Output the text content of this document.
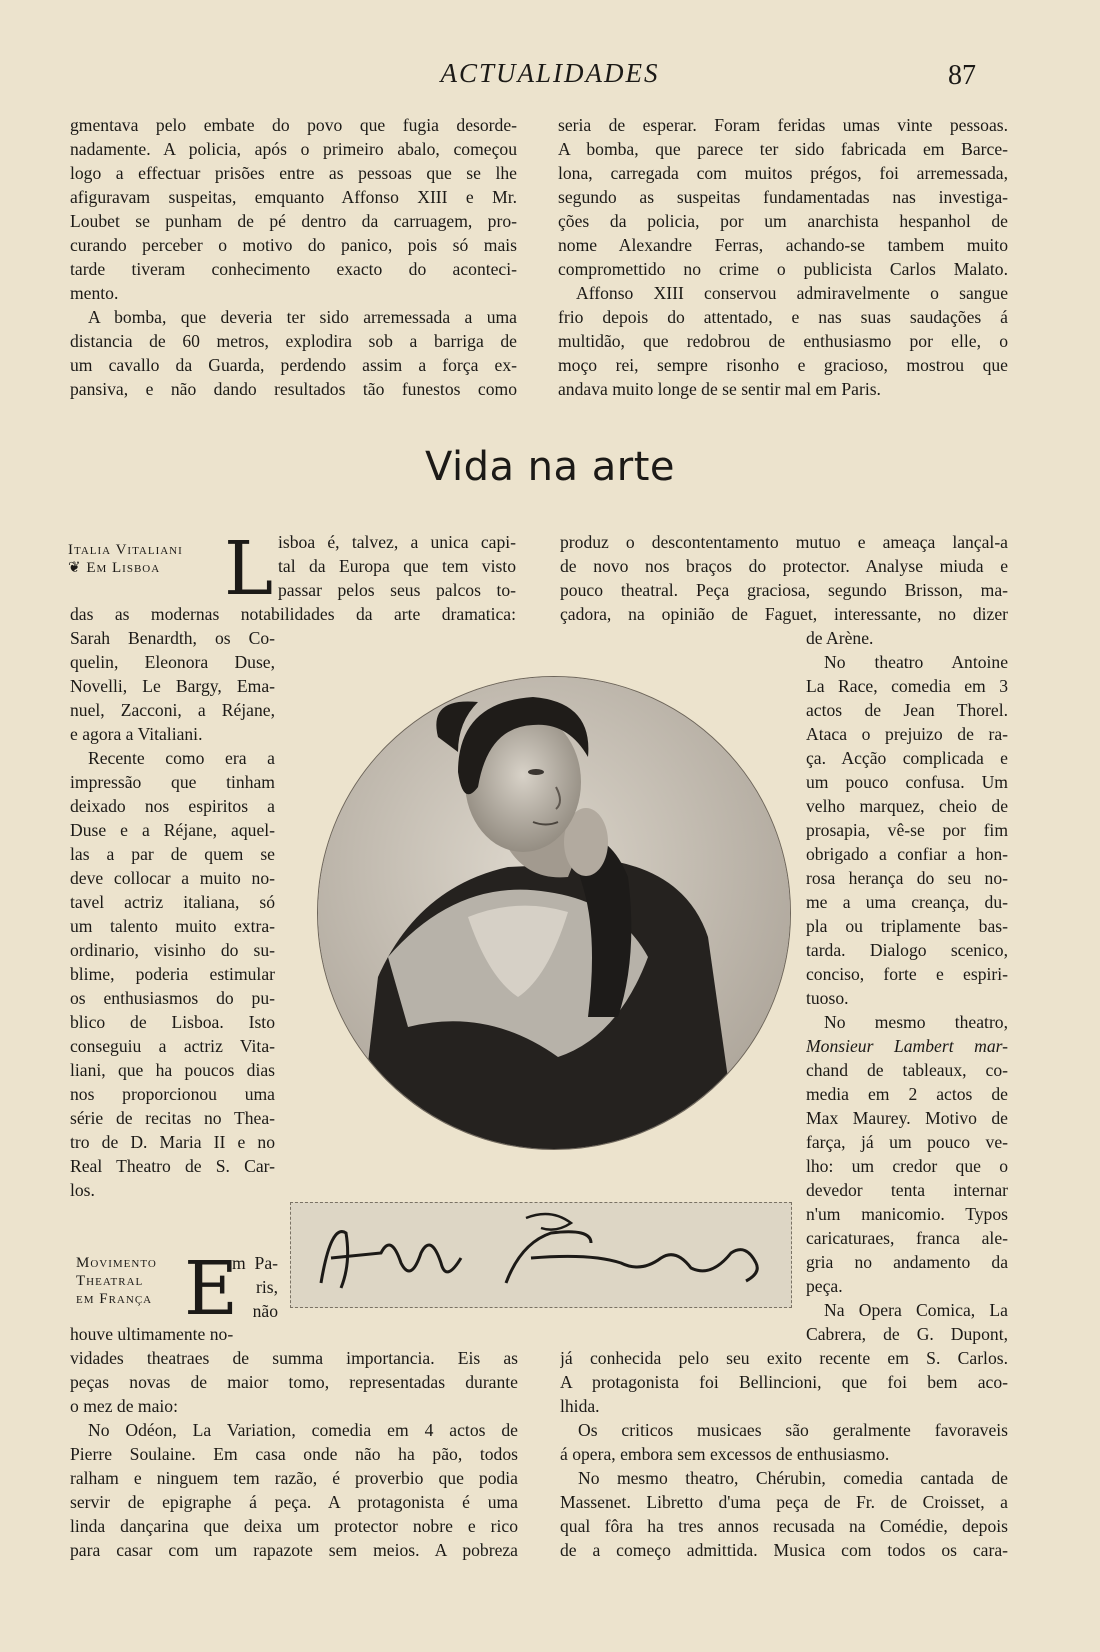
ACTUALIDADES	87
gmentava pelo embate do povo que fugia desorde-
nadamente. A policia, após o primeiro abalo, começou
logo a effectuar prisões entre as pessoas que se lhe
afiguravam suspeitas, emquanto Affonso XIII e Mr.
Loubet se punham de pé dentro da carruagem, pro-
curando perceber o motivo do panico, pois só mais
tarde tiveram conhecimento exacto do aconteci-
mento.
A bomba, que deveria ter sido arremessada a uma
distancia de 60 metros, explodira sob a barriga de
um cavallo da Guarda, perdendo assim a força ex-
pansiva, e não dando resultados tão funestos como
seria de esperar. Foram feridas umas vinte pessoas.
A bomba, que parece ter sido fabricada em Barce-
lona, carregada com muitos prégos, foi arremessada,
segundo as suspeitas fundamentadas nas investiga-
ções da policia, por um anarchista hespanhol de
nome Alexandre Ferras, achando-se tambem muito
compromettido no crime o publicista Carlos Malato.
Affonso XIII conservou admiravelmente o sangue
frio depois do attentado, e nas suas saudações á
multidão, que redobrou de enthusiasmo por elle, o
moço rei, sempre risonho e gracioso, mostrou que
andava muito longe de se sentir mal em Paris.
Vida na arte
Italia Vitaliani
❦ Em Lisboa L isboa é, talvez, a unica capi-
tal da Europa que tem visto
passar pelos seus palcos to-
das as modernas notabilidades da arte dramatica:
Sarah Benardth, os Co-
quelin, Eleonora Duse,
Novelli, Le Bargy, Ema-
nuel, Zacconi, a Réjane,
e agora a Vitaliani.
Recente como era a
impressão que tinham
deixado nos espiritos a
Duse e a Réjane, aquel-
las a par de quem se
deve collocar a muito no-
tavel actriz italiana, só
um talento muito extra-
ordinario, visinho do su-
blime, poderia estimular
os enthusiasmos do pu-
blico de Lisboa. Isto
conseguiu a actriz Vita-
liani, que ha poucos dias
nos proporcionou uma
série de recitas no Thea-
tro de D. Maria II e no
Real Theatro de S. Car-
los.
Movimento
Theatral
em França E
m Pa-
ris,
não
houve ultimamente no-
vidades theatraes de summa importancia. Eis as
peças novas de maior tomo, representadas durante
o mez de maio:
No Odéon, La Variation, comedia em 4 actos de
Pierre Soulaine. Em casa onde não ha pão, todos
ralham e ninguem tem razão, é proverbio que podia
servir de epigraphe á peça. A protagonista é uma
linda dançarina que deixa um protector nobre e rico
para casar com um rapazote sem meios. A pobreza
produz o descontentamento mutuo e ameaça lançal-a
de novo nos braços do protector. Analyse miuda e
pouco theatral. Peça graciosa, segundo Brisson, ma-
çadora, na opinião de Faguet, interessante, no dizer
de Arène.
No theatro Antoine
La Race, comedia em 3
actos de Jean Thorel.
Ataca o prejuizo de ra-
ça. Acção complicada e
um pouco confusa. Um
velho marquez, cheio de
prosapia, vê-se por fim
obrigado a confiar a hon-
rosa herança do seu no-
me a uma creança, du-
pla ou triplamente bas-
tarda. Dialogo scenico,
conciso, forte e espiri-
tuoso.
No mesmo theatro,
Monsieur Lambert mar-
chand de tableaux, co-
media em 2 actos de
Max Maurey. Motivo de
farça, já um pouco ve-
lho: um credor que o
devedor tenta internar
n'um manicomio. Typos
caricaturaes, franca ale-
gria no andamento da
peça.
Na Opera Comica, La
Cabrera, de G. Dupont,
já conhecida pelo seu exito recente em S. Carlos.
A protagonista foi Bellincioni, que foi bem aco-
lhida.
Os criticos musicaes são geralmente favoraveis
á opera, embora sem excessos de enthusiasmo.
No mesmo theatro, Chérubin, comedia cantada de
Massenet. Libretto d'uma peça de Fr. de Croisset, a
qual fôra ha tres annos recusada na Comédie, depois
de a começo admittida. Musica com todos os cara-
